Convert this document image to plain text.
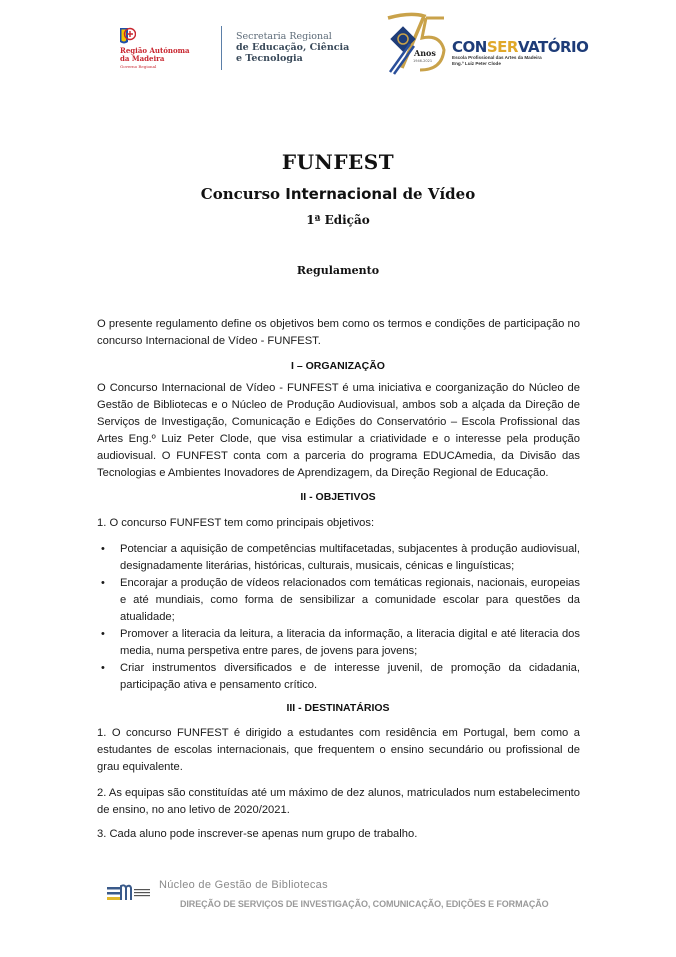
Região Autónoma
da Madeira
Governo Regional
Secretaria Regional
de Educação, Ciência
e Tecnologia	Anos
1946-2021
CONSERVATÓRIO
Escola Profissional das Artes da Madeira
Eng.º Luiz Peter Clode
FUNFEST
Concurso Internacional de Vídeo
1ª Edição
Regulamento
O presente regulamento define os objetivos bem como os termos e condições de participação no concurso Internacional de Vídeo - FUNFEST.
I – ORGANIZAÇÃO
O Concurso Internacional de Vídeo - FUNFEST é uma iniciativa e coorganização do Núcleo de Gestão de Bibliotecas e o Núcleo de Produção Audiovisual, ambos sob a alçada da Direção de Serviços de Investigação, Comunicação e Edições do Conservatório – Escola Profissional das Artes Eng.º Luiz Peter Clode, que visa estimular a criatividade e o interesse pela produção audiovisual. O FUNFEST conta com a parceria do programa EDUCAmedia, da Divisão das Tecnologias e Ambientes Inovadores de Aprendizagem, da Direção Regional de Educação.
II - OBJETIVOS
1. O concurso FUNFEST tem como principais objetivos:
• Potenciar a aquisição de competências multifacetadas, subjacentes à produção audiovisual, designadamente literárias, históricas, culturais, musicais, cénicas e linguísticas;
• Encorajar a produção de vídeos relacionados com temáticas regionais, nacionais, europeias e até mundiais, como forma de sensibilizar a comunidade escolar para questões da atualidade;
• Promover a literacia da leitura, a literacia da informação, a literacia digital e até literacia dos media, numa perspetiva entre pares, de jovens para jovens;
• Criar instrumentos diversificados e de interesse juvenil, de promoção da cidadania, participação ativa e pensamento crítico.
III - DESTINATÁRIOS
1. O concurso FUNFEST é dirigido a estudantes com residência em Portugal, bem como a estudantes de escolas internacionais, que frequentem o ensino secundário ou profissional de grau equivalente.
2. As equipas são constituídas até um máximo de dez alunos, matriculados num estabelecimento de ensino, no ano letivo de 2020/2021.
3. Cada aluno pode inscrever-se apenas num grupo de trabalho.
Núcleo de Gestão de Bibliotecas
DIREÇÃO DE SERVIÇOS DE INVESTIGAÇÃO, COMUNICAÇÃO, EDIÇÕES E FORMAÇÃO
